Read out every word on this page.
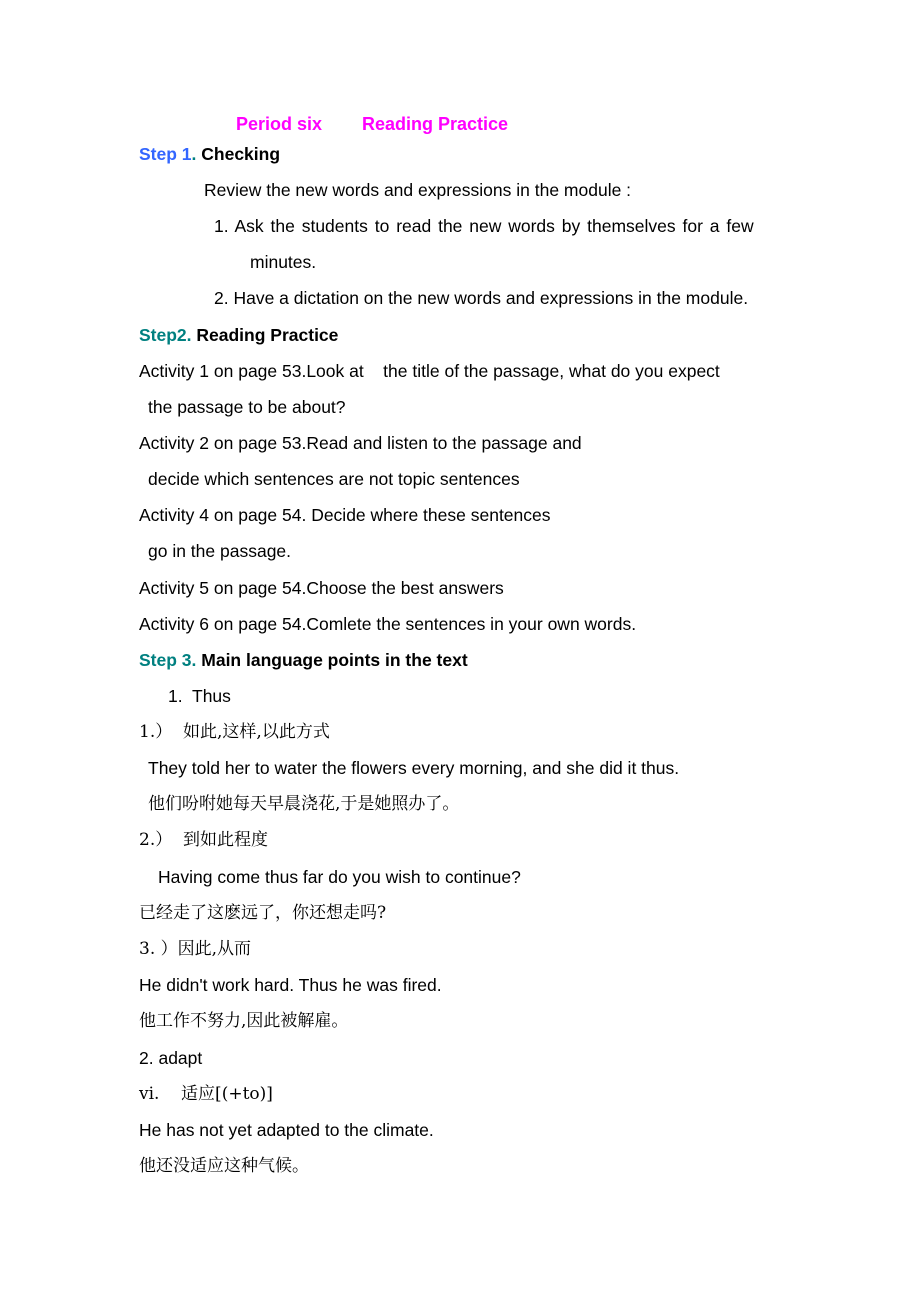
Period six Reading Practice
Step 1. Checking
Review the new words and expressions in the module :
1. Ask the students to read the new words by themselves for a few
minutes.
2. Have a dictation on the new words and expressions in the module.
Step2. Reading Practice
Activity 1 on page 53.Look at    the title of the passage, what do you expect
the passage to be about?
Activity 2 on page 53.Read and listen to the passage and
decide which sentences are not topic sentences
Activity 4 on page 54. Decide where these sentences
go in the passage.
Activity 5 on page 54.Choose the best answers
Activity 6 on page 54.Comlete the sentences in your own words.
Step 3. Main language points in the text
1.  Thus
1.）  如此,这样,以此方式
They told her to water the flowers every morning, and she did it thus.
他们吩咐她每天早晨浇花,于是她照办了。
2.）  到如此程度
Having come thus far do you wish to continue?
已经走了这麽远了，你还想走吗?
3. ）因此,从而
He didn't work hard. Thus he was fired.
他工作不努力,因此被解雇。
2. adapt
vi.    适应[(+to)]
He has not yet adapted to the climate.
他还没适应这种气候。
